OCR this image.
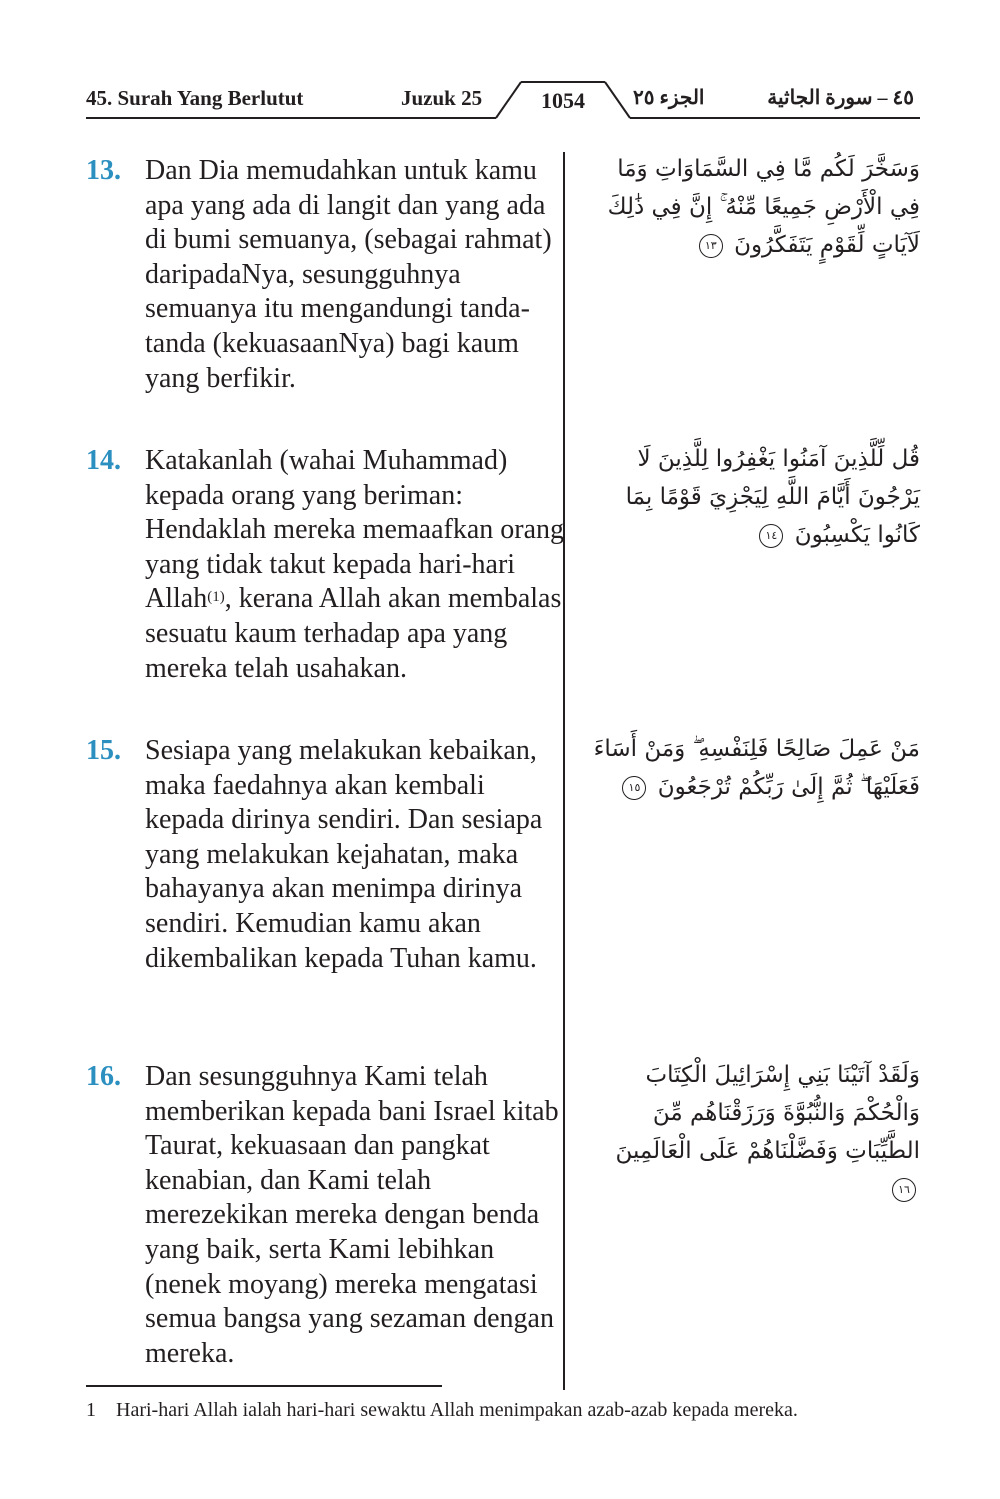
45. Surah Yang Berlutut	Juzuk 25	1054	الجزء ٢٥	٤٥ – سورة الجاثية
13. Dan Dia memudahkan untuk kamu apa yang ada di langit dan yang ada di bumi semuanya, (sebagai rahmat) daripadaNya, sesungguhnya semuanya itu mengandungi tanda-tanda (kekuasaanNya) bagi kaum yang berfikir.
وَسَخَّرَ لَكُم مَّا فِي السَّمَاوَاتِ وَمَا فِي الْأَرْضِ جَمِيعًا مِّنْهُ ۚ إِنَّ فِي ذَٰلِكَ لَآيَاتٍ لِّقَوْمٍ يَتَفَكَّرُونَ ١٣
14. Katakanlah (wahai Muhammad) kepada orang yang beriman: Hendaklah mereka memaafkan orang yang tidak takut kepada hari-hari Allah$^{(1)}$, kerana Allah akan membalas sesuatu kaum terhadap apa yang mereka telah usahakan.
قُل لِّلَّذِينَ آمَنُوا يَغْفِرُوا لِلَّذِينَ لَا يَرْجُونَ أَيَّامَ اللَّهِ لِيَجْزِيَ قَوْمًا بِمَا كَانُوا يَكْسِبُونَ ١٤
15. Sesiapa yang melakukan kebaikan, maka faedahnya akan kembali kepada dirinya sendiri. Dan sesiapa yang melakukan kejahatan, maka bahayanya akan menimpa dirinya sendiri. Kemudian kamu akan dikembalikan kepada Tuhan kamu.
مَنْ عَمِلَ صَالِحًا فَلِنَفْسِهِ ۖ وَمَنْ أَسَاءَ فَعَلَيْهَا ۖ ثُمَّ إِلَىٰ رَبِّكُمْ تُرْجَعُونَ ١٥
16. Dan sesungguhnya Kami telah memberikan kepada bani Israel kitab Taurat, kekuasaan dan pangkat kenabian, dan Kami telah merezekikan mereka dengan benda yang baik, serta Kami lebihkan (nenek moyang) mereka mengatasi semua bangsa yang sezaman dengan mereka.
وَلَقَدْ آتَيْنَا بَنِي إِسْرَائِيلَ الْكِتَابَ وَالْحُكْمَ وَالنُّبُوَّةَ وَرَزَقْنَاهُم مِّنَ الطَّيِّبَاتِ وَفَضَّلْنَاهُمْ عَلَى الْعَالَمِينَ ١٦
1 Hari-hari Allah ialah hari-hari sewaktu Allah menimpakan azab-azab kepada mereka.
